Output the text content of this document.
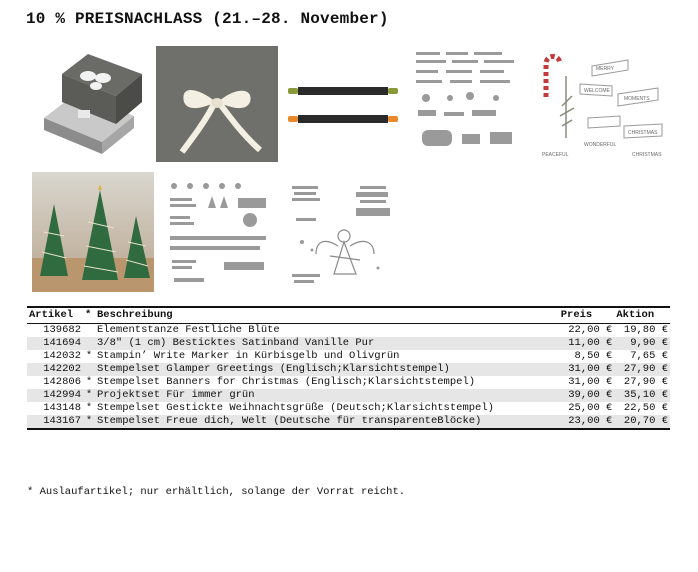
10 % PREISNACHLASS (21.–28. November)
MERRY
WELCOME
MOMENTS
CHRISTMAS
WONDERFUL
PEACEFUL	CHRISTMAS
Artikel	*	Beschreibung	Preis	Aktion
139682		Elementstanze Festliche Blüte	22,00 €	19,80 €
141694		3/8" (1 cm) Besticktes Satinband Vanille Pur	11,00 €	9,90 €
142032	*	Stampin’ Write Marker in Kürbisgelb und Olivgrün	8,50 €	7,65 €
142202		Stempelset Glamper Greetings (Englisch;Klarsichtstempel)	31,00 €	27,90 €
142806	*	Stempelset Banners for Christmas (Englisch;Klarsichtstempel)	31,00 €	27,90 €
142994	*	Projektset Für immer grün	39,00 €	35,10 €
143148	*	Stempelset Gestickte Weihnachtsgrüße (Deutsch;Klarsichtstempel)	25,00 €	22,50 €
143167	*	Stempelset Freue dich, Welt (Deutsche für transparenteBlöcke)	23,00 €	20,70 €
* Auslaufartikel; nur erhältlich, solange der Vorrat reicht.
